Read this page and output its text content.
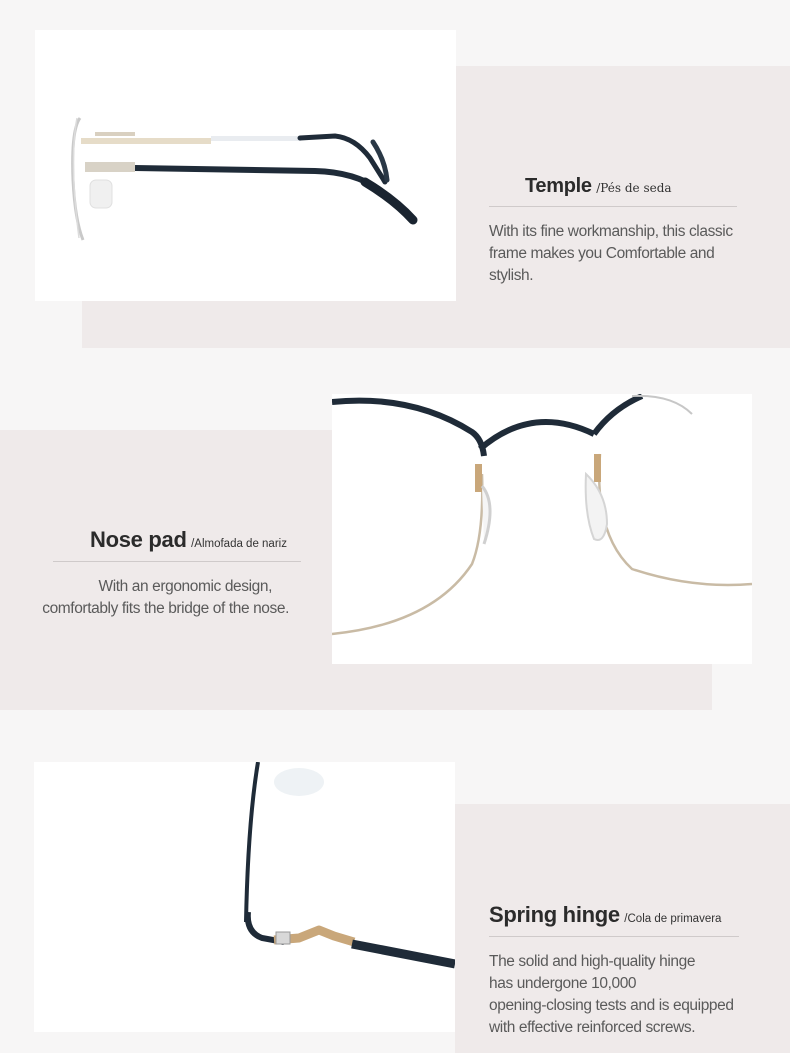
Temple /Pés de seda

With its fine workmanship, this classic

frame makes you Comfortable and

stylish.

Nose pad /Almofada de nariz

With an ergonomic design,

comfortably fits the bridge of the nose.

Spring hinge /Cola de primavera

The solid and high-quality hinge

has undergone 10,000

opening-closing tests and is equipped

with effective reinforced screws.
